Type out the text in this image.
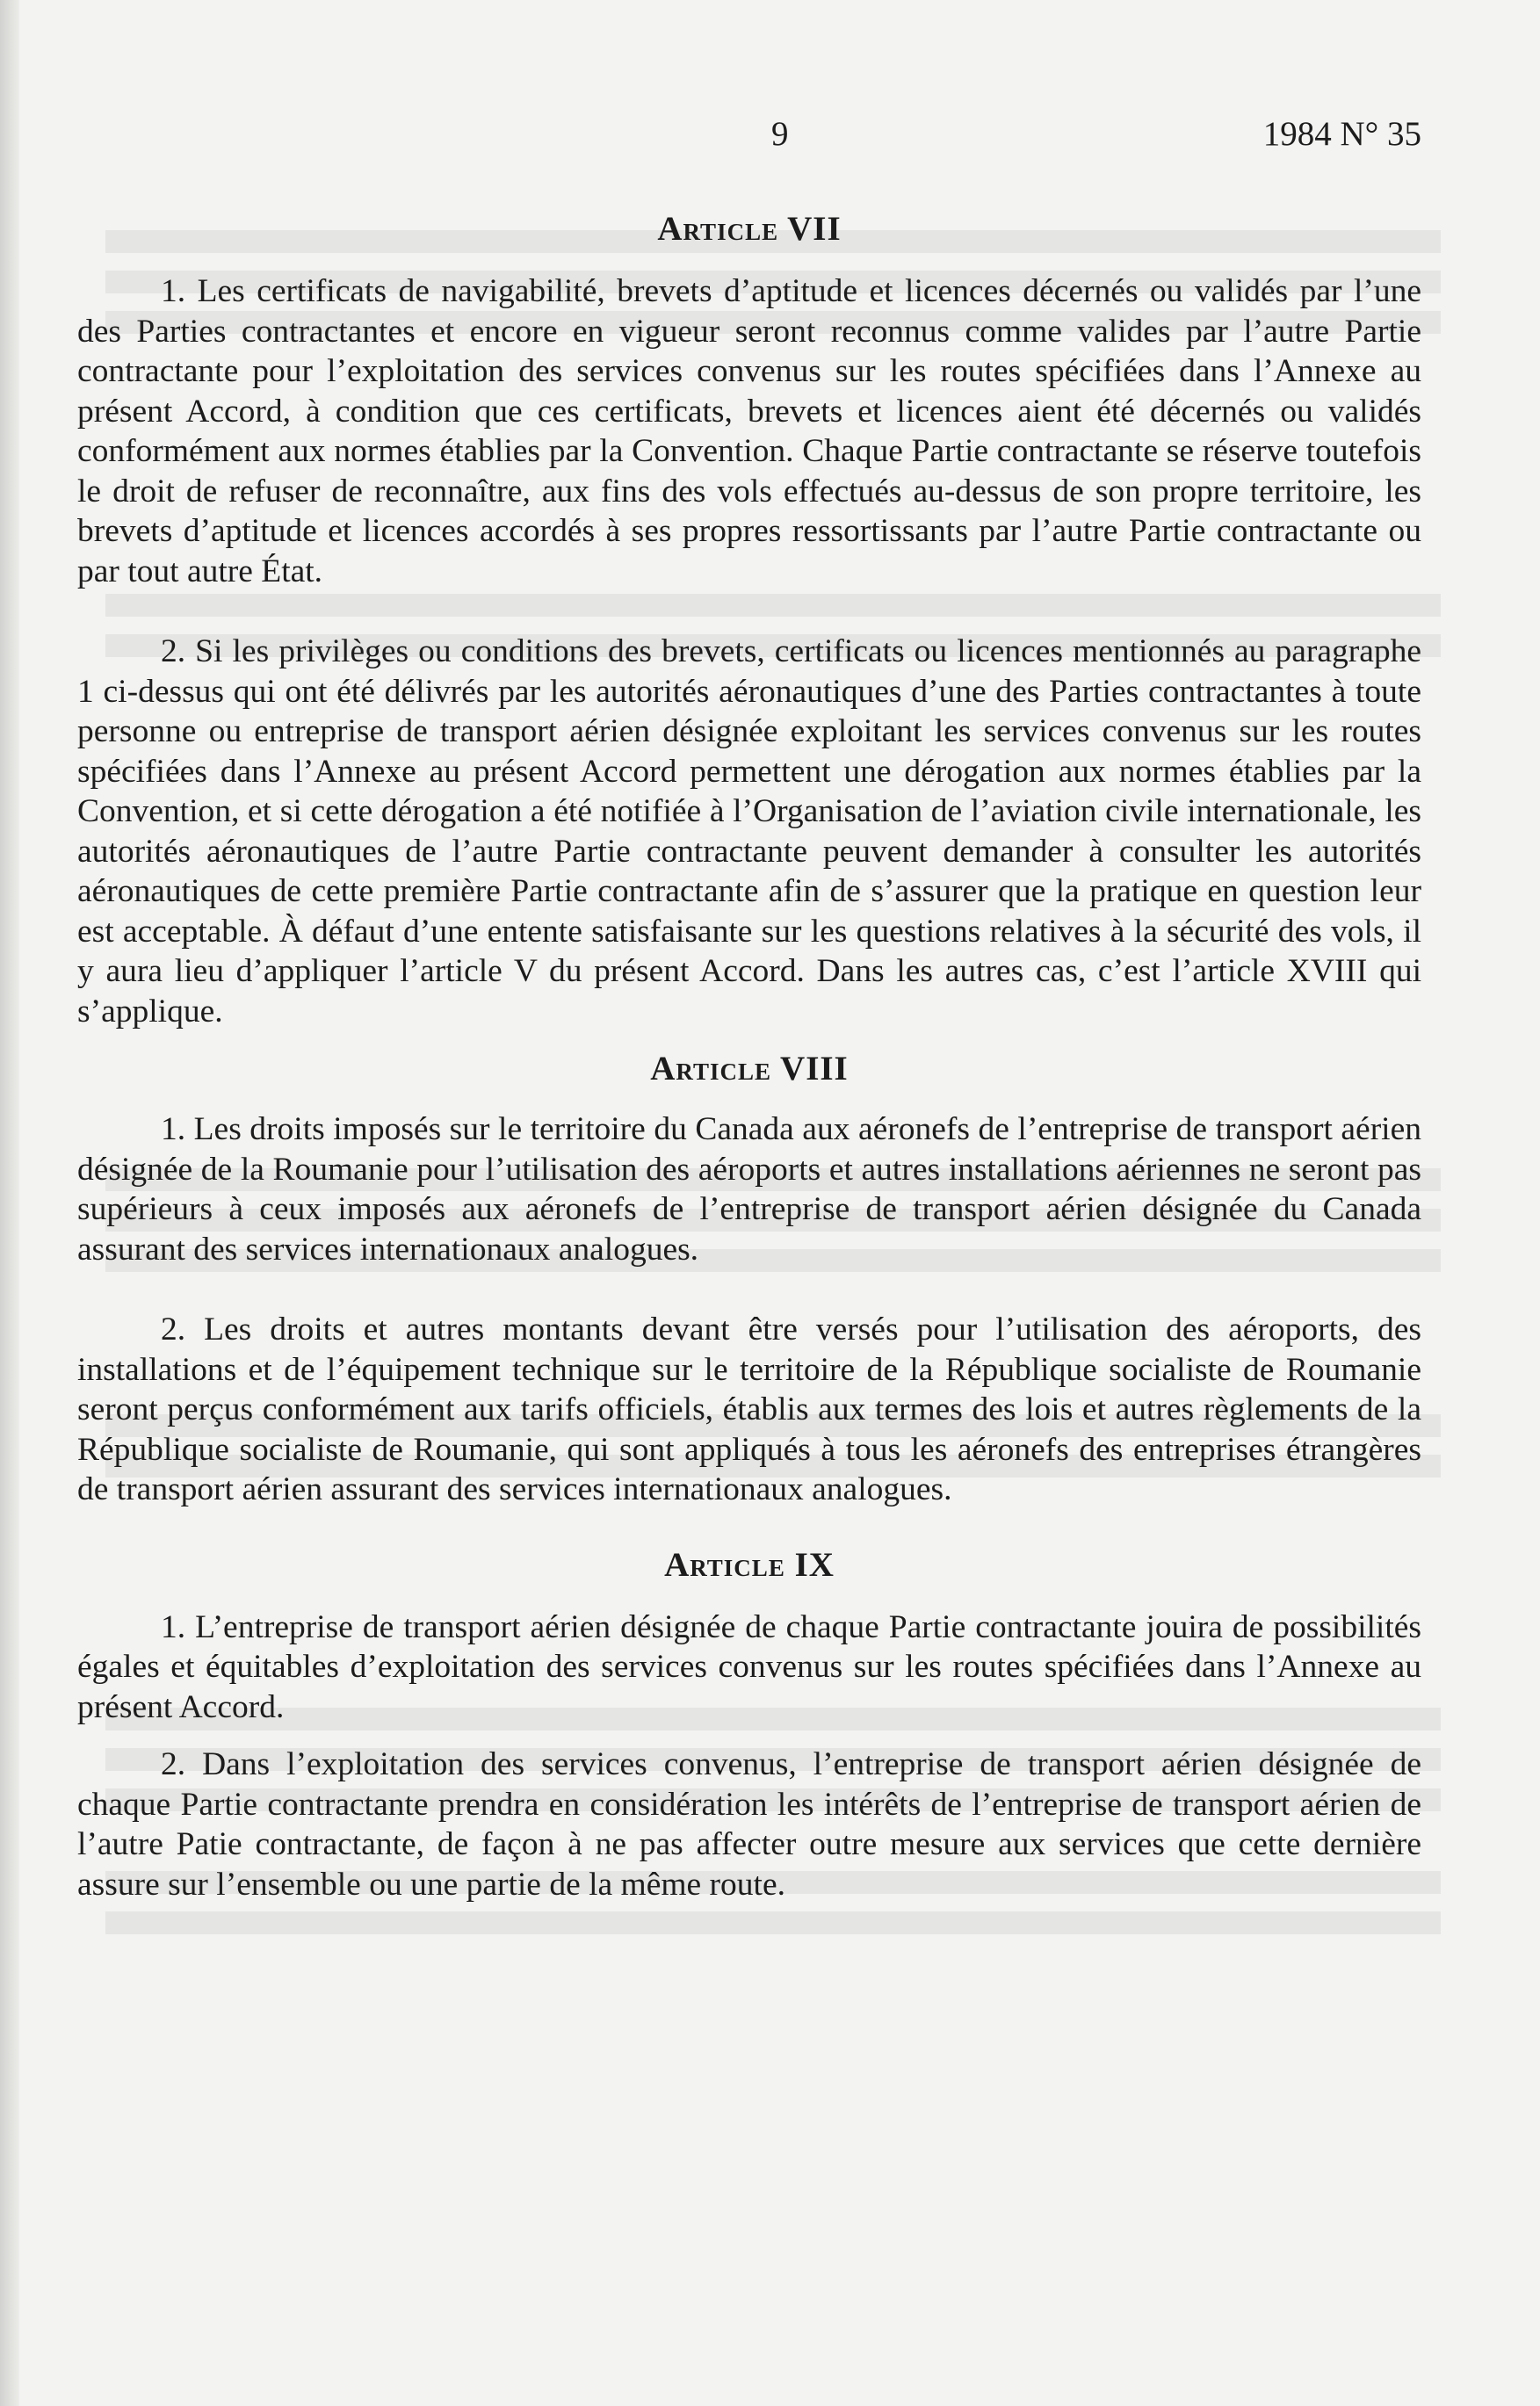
9	1984 N° 35
Article VII

1. Les certificats de navigabilité, brevets d’aptitude et licences décernés ou validés par l’une des Parties contractantes et encore en vigueur seront reconnus comme valides par l’autre Partie contractante pour l’exploitation des services convenus sur les routes spécifiées dans l’Annexe au présent Accord, à condition que ces certificats, brevets et licences aient été décernés ou validés conformément aux normes établies par la Convention. Chaque Partie contractante se réserve toutefois le droit de refuser de reconnaître, aux fins des vols effectués au-dessus de son propre territoire, les brevets d’aptitude et licences accordés à ses propres ressortissants par l’autre Partie contractante ou par tout autre État.

2. Si les privilèges ou conditions des brevets, certificats ou licences mentionnés au paragraphe 1 ci-dessus qui ont été délivrés par les autorités aéronautiques d’une des Parties contractantes à toute personne ou entreprise de transport aérien désignée exploitant les services convenus sur les routes spécifiées dans l’Annexe au présent Accord permettent une dérogation aux normes établies par la Convention, et si cette dérogation a été notifiée à l’Organisation de l’aviation civile internationale, les autorités aéronautiques de l’autre Partie contractante peuvent demander à consulter les autorités aéronautiques de cette première Partie contractante afin de s’assurer que la pratique en question leur est acceptable. À défaut d’une entente satisfaisante sur les questions relatives à la sécurité des vols, il y aura lieu d’appliquer l’article V du présent Accord. Dans les autres cas, c’est l’article XVIII qui s’applique.

Article VIII

1. Les droits imposés sur le territoire du Canada aux aéronefs de l’entreprise de transport aérien désignée de la Roumanie pour l’utilisation des aéroports et autres installations aériennes ne seront pas supérieurs à ceux imposés aux aéronefs de l’entreprise de transport aérien désignée du Canada assurant des services internationaux analogues.

2. Les droits et autres montants devant être versés pour l’utilisation des aéroports, des installations et de l’équipement technique sur le territoire de la République socialiste de Roumanie seront perçus conformément aux tarifs officiels, établis aux termes des lois et autres règlements de la République socialiste de Roumanie, qui sont appliqués à tous les aéronefs des entreprises étrangères de transport aérien assurant des services internationaux analogues.

Article IX

1. L’entreprise de transport aérien désignée de chaque Partie contractante jouira de possibilités égales et équitables d’exploitation des services convenus sur les routes spécifiées dans l’Annexe au présent Accord.

2. Dans l’exploitation des services convenus, l’entreprise de transport aérien désignée de chaque Partie contractante prendra en considération les intérêts de l’entreprise de transport aérien de l’autre Patie contractante, de façon à ne pas affecter outre mesure aux services que cette dernière assure sur l’ensemble ou une partie de la même route.
